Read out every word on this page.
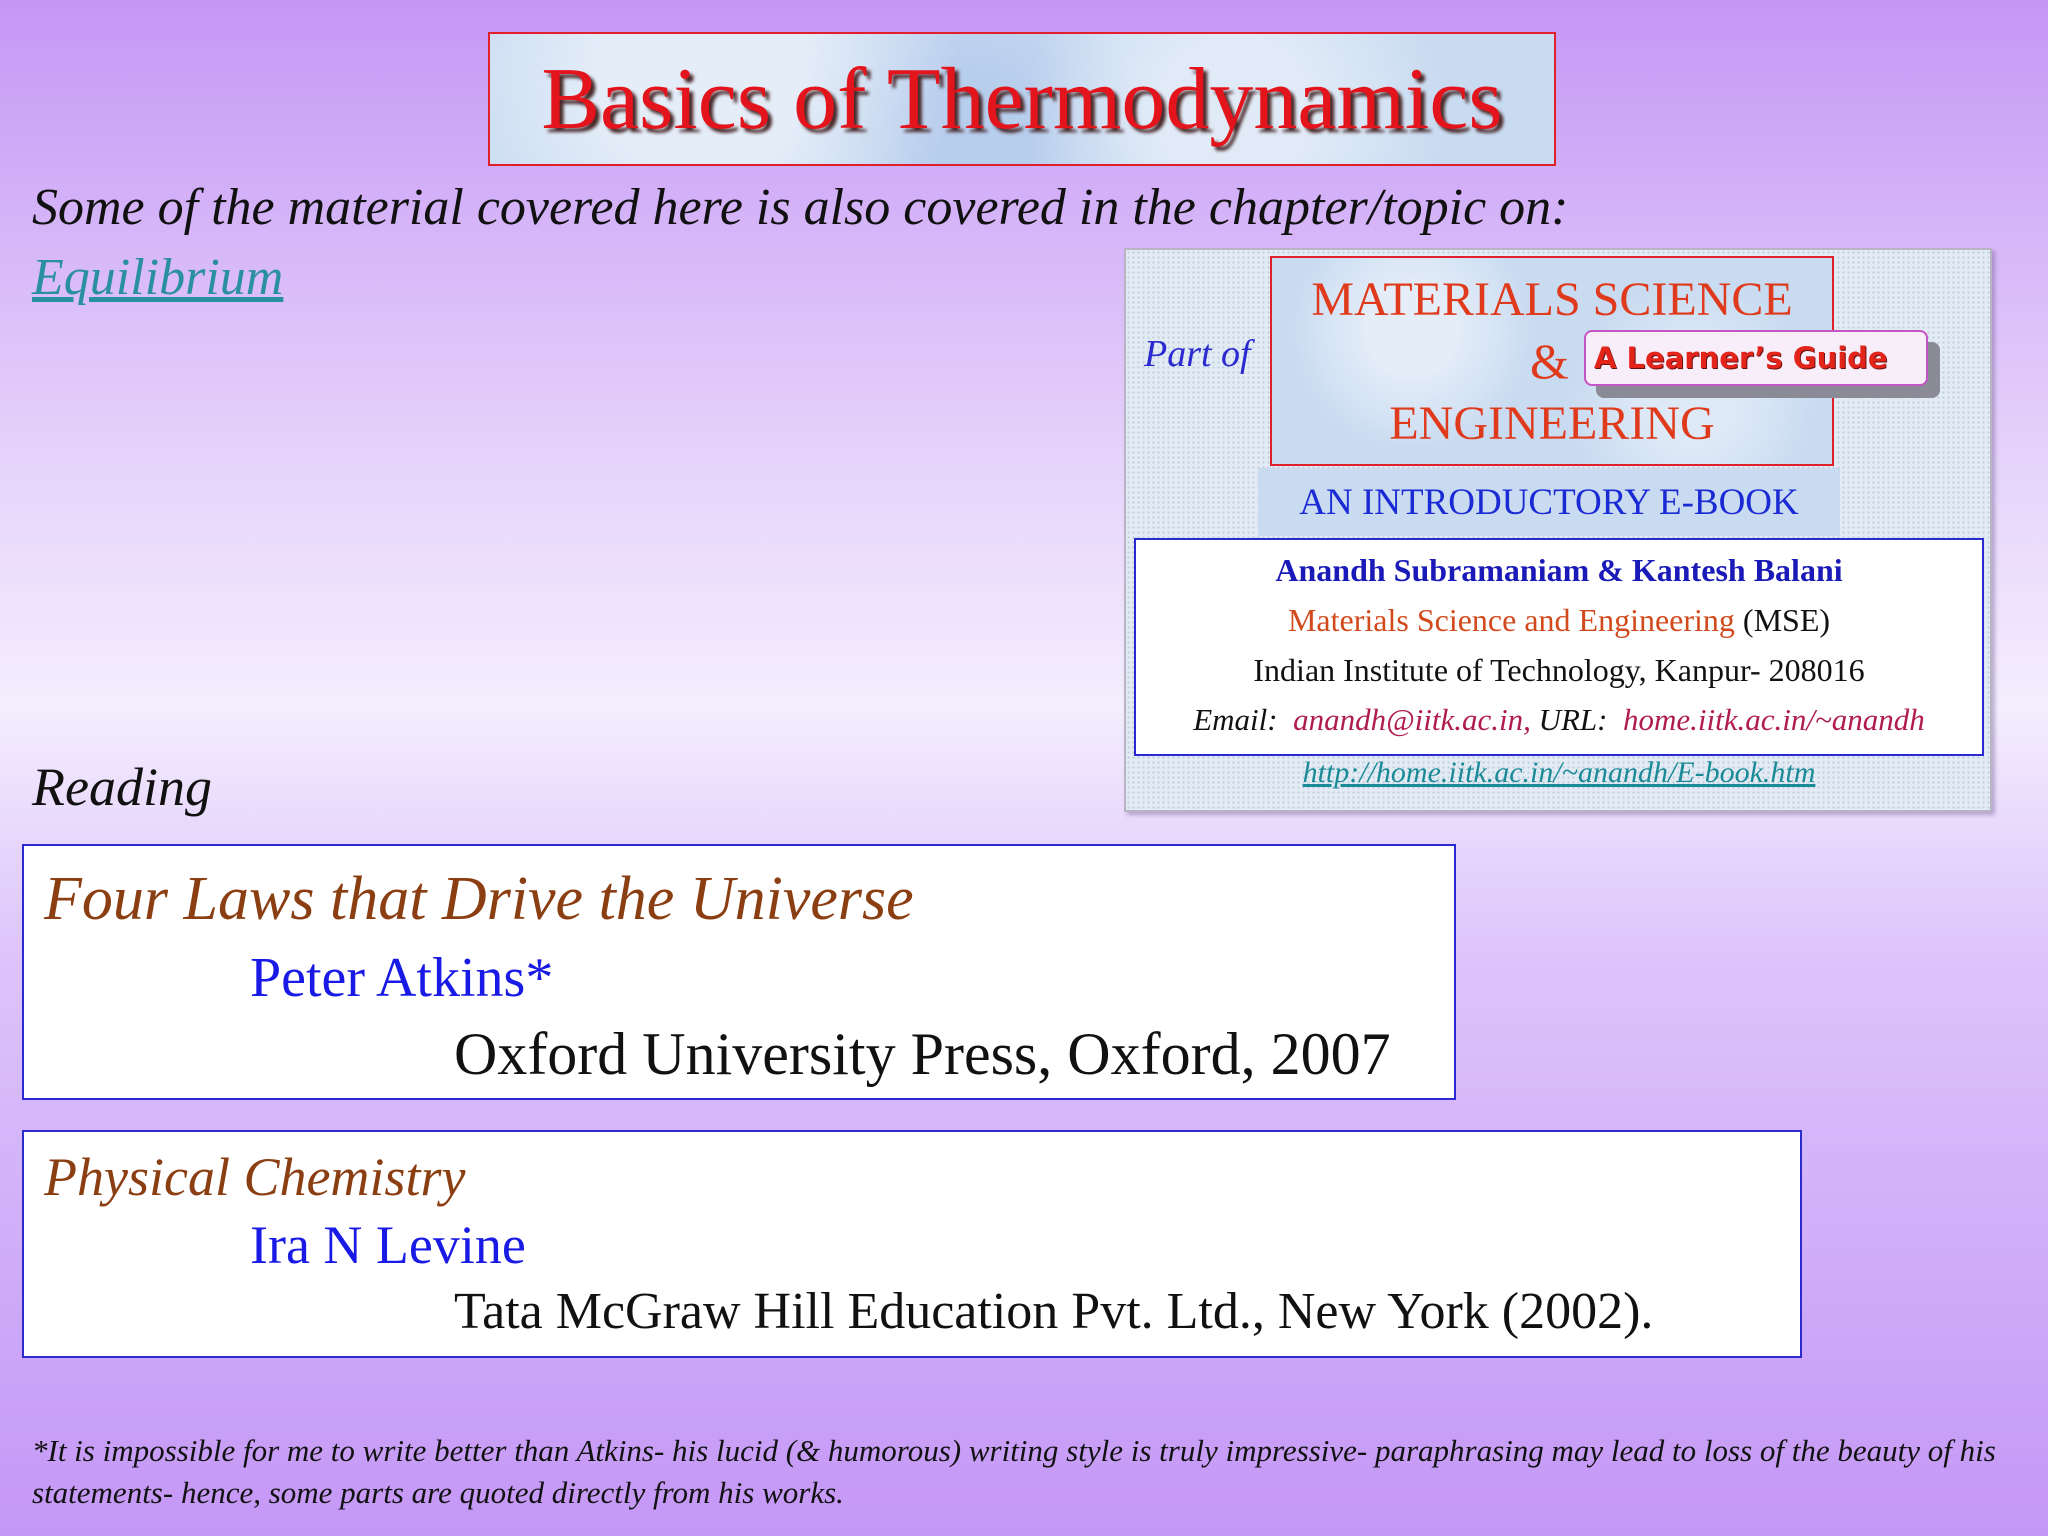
Basics of Thermodynamics
Some of the material covered here is also covered in the chapter/topic on:
Equilibrium
Part of
MATERIALS SCIENCE
&
ENGINEERING
A Learner’s Guide
AN INTRODUCTORY E-BOOK
Anandh Subramaniam & Kantesh Balani
Materials Science and Engineering (MSE)
Indian Institute of Technology, Kanpur- 208016
Email: anandh@iitk.ac.in, URL: home.iitk.ac.in/~anandh
http://home.iitk.ac.in/~anandh/E-book.htm
Reading
Four Laws that Drive the Universe
Peter Atkins*
Oxford University Press, Oxford, 2007
Physical Chemistry
Ira N Levine
Tata McGraw Hill Education Pvt. Ltd., New York (2002).
*It is impossible for me to write better than Atkins- his lucid (& humorous) writing style is truly impressive- paraphrasing may lead to loss of the beauty of his statements- hence, some parts are quoted directly from his works.
